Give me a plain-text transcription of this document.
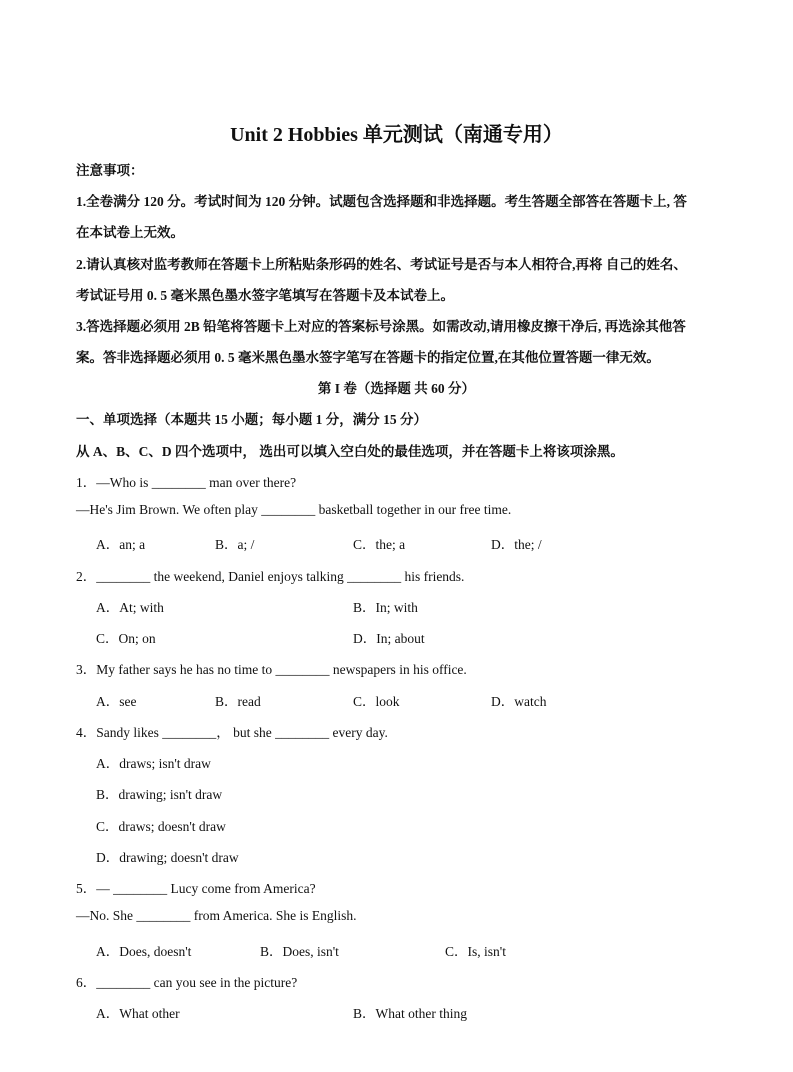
Unit 2 Hobbies 单元测试（南通专用）
注意事项：
1.全卷满分 120 分。考试时间为 120 分钟。试题包含选择题和非选择题。考生答题全部答在答题卡上, 答
在本试卷上无效。
2.请认真核对监考教师在答题卡上所粘贴条形码的姓名、考试证号是否与本人相符合,再将 自己的姓名、
考试证号用 0. 5 毫米黑色墨水签字笔填写在答题卡及本试卷上。
3.答选择题必须用 2B 铅笔将答题卡上对应的答案标号涂黑。如需改动,请用橡皮擦干净后, 再选涂其他答
案。答非选择题必须用 0. 5 毫米黑色墨水签字笔写在答题卡的指定位置,在其他位置答题一律无效。
第 I 卷（选择题 共 60 分）
一、单项选择（本题共 15 小题；每小题 1 分，满分 15 分）
从 A、B、C、D 四个选项中， 选出可以填入空白处的最佳选项，并在答题卡上将该项涂黑。
1．—Who is ________ man over there?
—He's Jim Brown. We often play ________ basketball together in our free time.
A．an; a	B．a; /	C．the; a	D．the; /
2．________ the weekend, Daniel enjoys talking ________ his friends.
A．At; with	B．In; with
C．On; on	D．In; about
3．My father says he has no time to ________ newspapers in his office.
A．see	B．read	C．look	D．watch
4．Sandy likes ________， but she ________ every day.
A．draws; isn't draw
B．drawing; isn't draw
C．draws; doesn't draw
D．drawing; doesn't draw
5．— ________ Lucy come from America?
—No. She ________ from America. She is English.
A．Does, doesn't	B．Does, isn't	C．Is, isn't
6．________ can you see in the picture?
A．What other	B．What other thing
